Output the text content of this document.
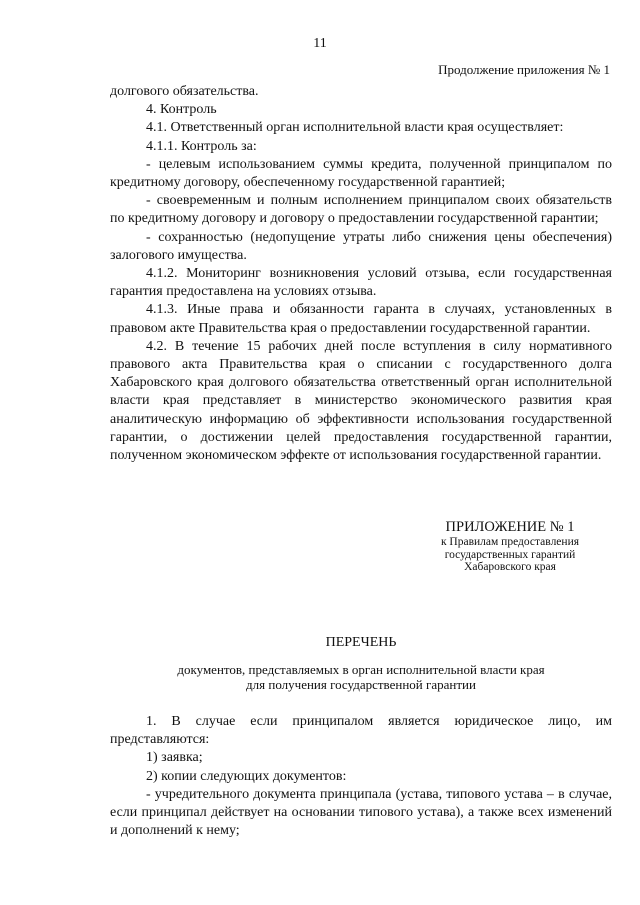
11
Продолжение приложения № 1

долгового обязательства.

4. Контроль

4.1. Ответственный орган исполнительной власти края осуществляет:

4.1.1. Контроль за:

- целевым использованием суммы кредита, полученной принципалом по кредитному договору, обеспеченному государственной гарантией;

- своевременным и полным исполнением принципалом своих обязательств по кредитному договору и договору о предоставлении государственной гарантии;

- сохранностью (недопущение утраты либо снижения цены обеспечения) залогового имущества.

4.1.2. Мониторинг возникновения условий отзыва, если государственная гарантия предоставлена на условиях отзыва.

4.1.3. Иные права и обязанности гаранта в случаях, установленных в правовом акте Правительства края о предоставлении государственной гарантии.

4.2. В течение 15 рабочих дней после вступления в силу нормативного правового акта Правительства края о списании с государственного долга Хабаровского края долгового обязательства ответственный орган исполнительной власти края представляет в министерство экономического развития края аналитическую информацию об эффективности использования государственной гарантии, о достижении целей предоставления государственной гарантии, полученном экономическом эффекте от использования государственной гарантии.

ПРИЛОЖЕНИЕ № 1

к Правилам предоставления

государственных гарантий

Хабаровского края

ПЕРЕЧЕНЬ

документов, представляемых в орган исполнительной власти края

для получения государственной гарантии

1. В случае если принципалом является юридическое лицо, им представляются:

1) заявка;

2) копии следующих документов:

- учредительного документа принципала (устава, типового устава – в случае, если принципал действует на основании типового устава), а также всех изменений и дополнений к нему;
